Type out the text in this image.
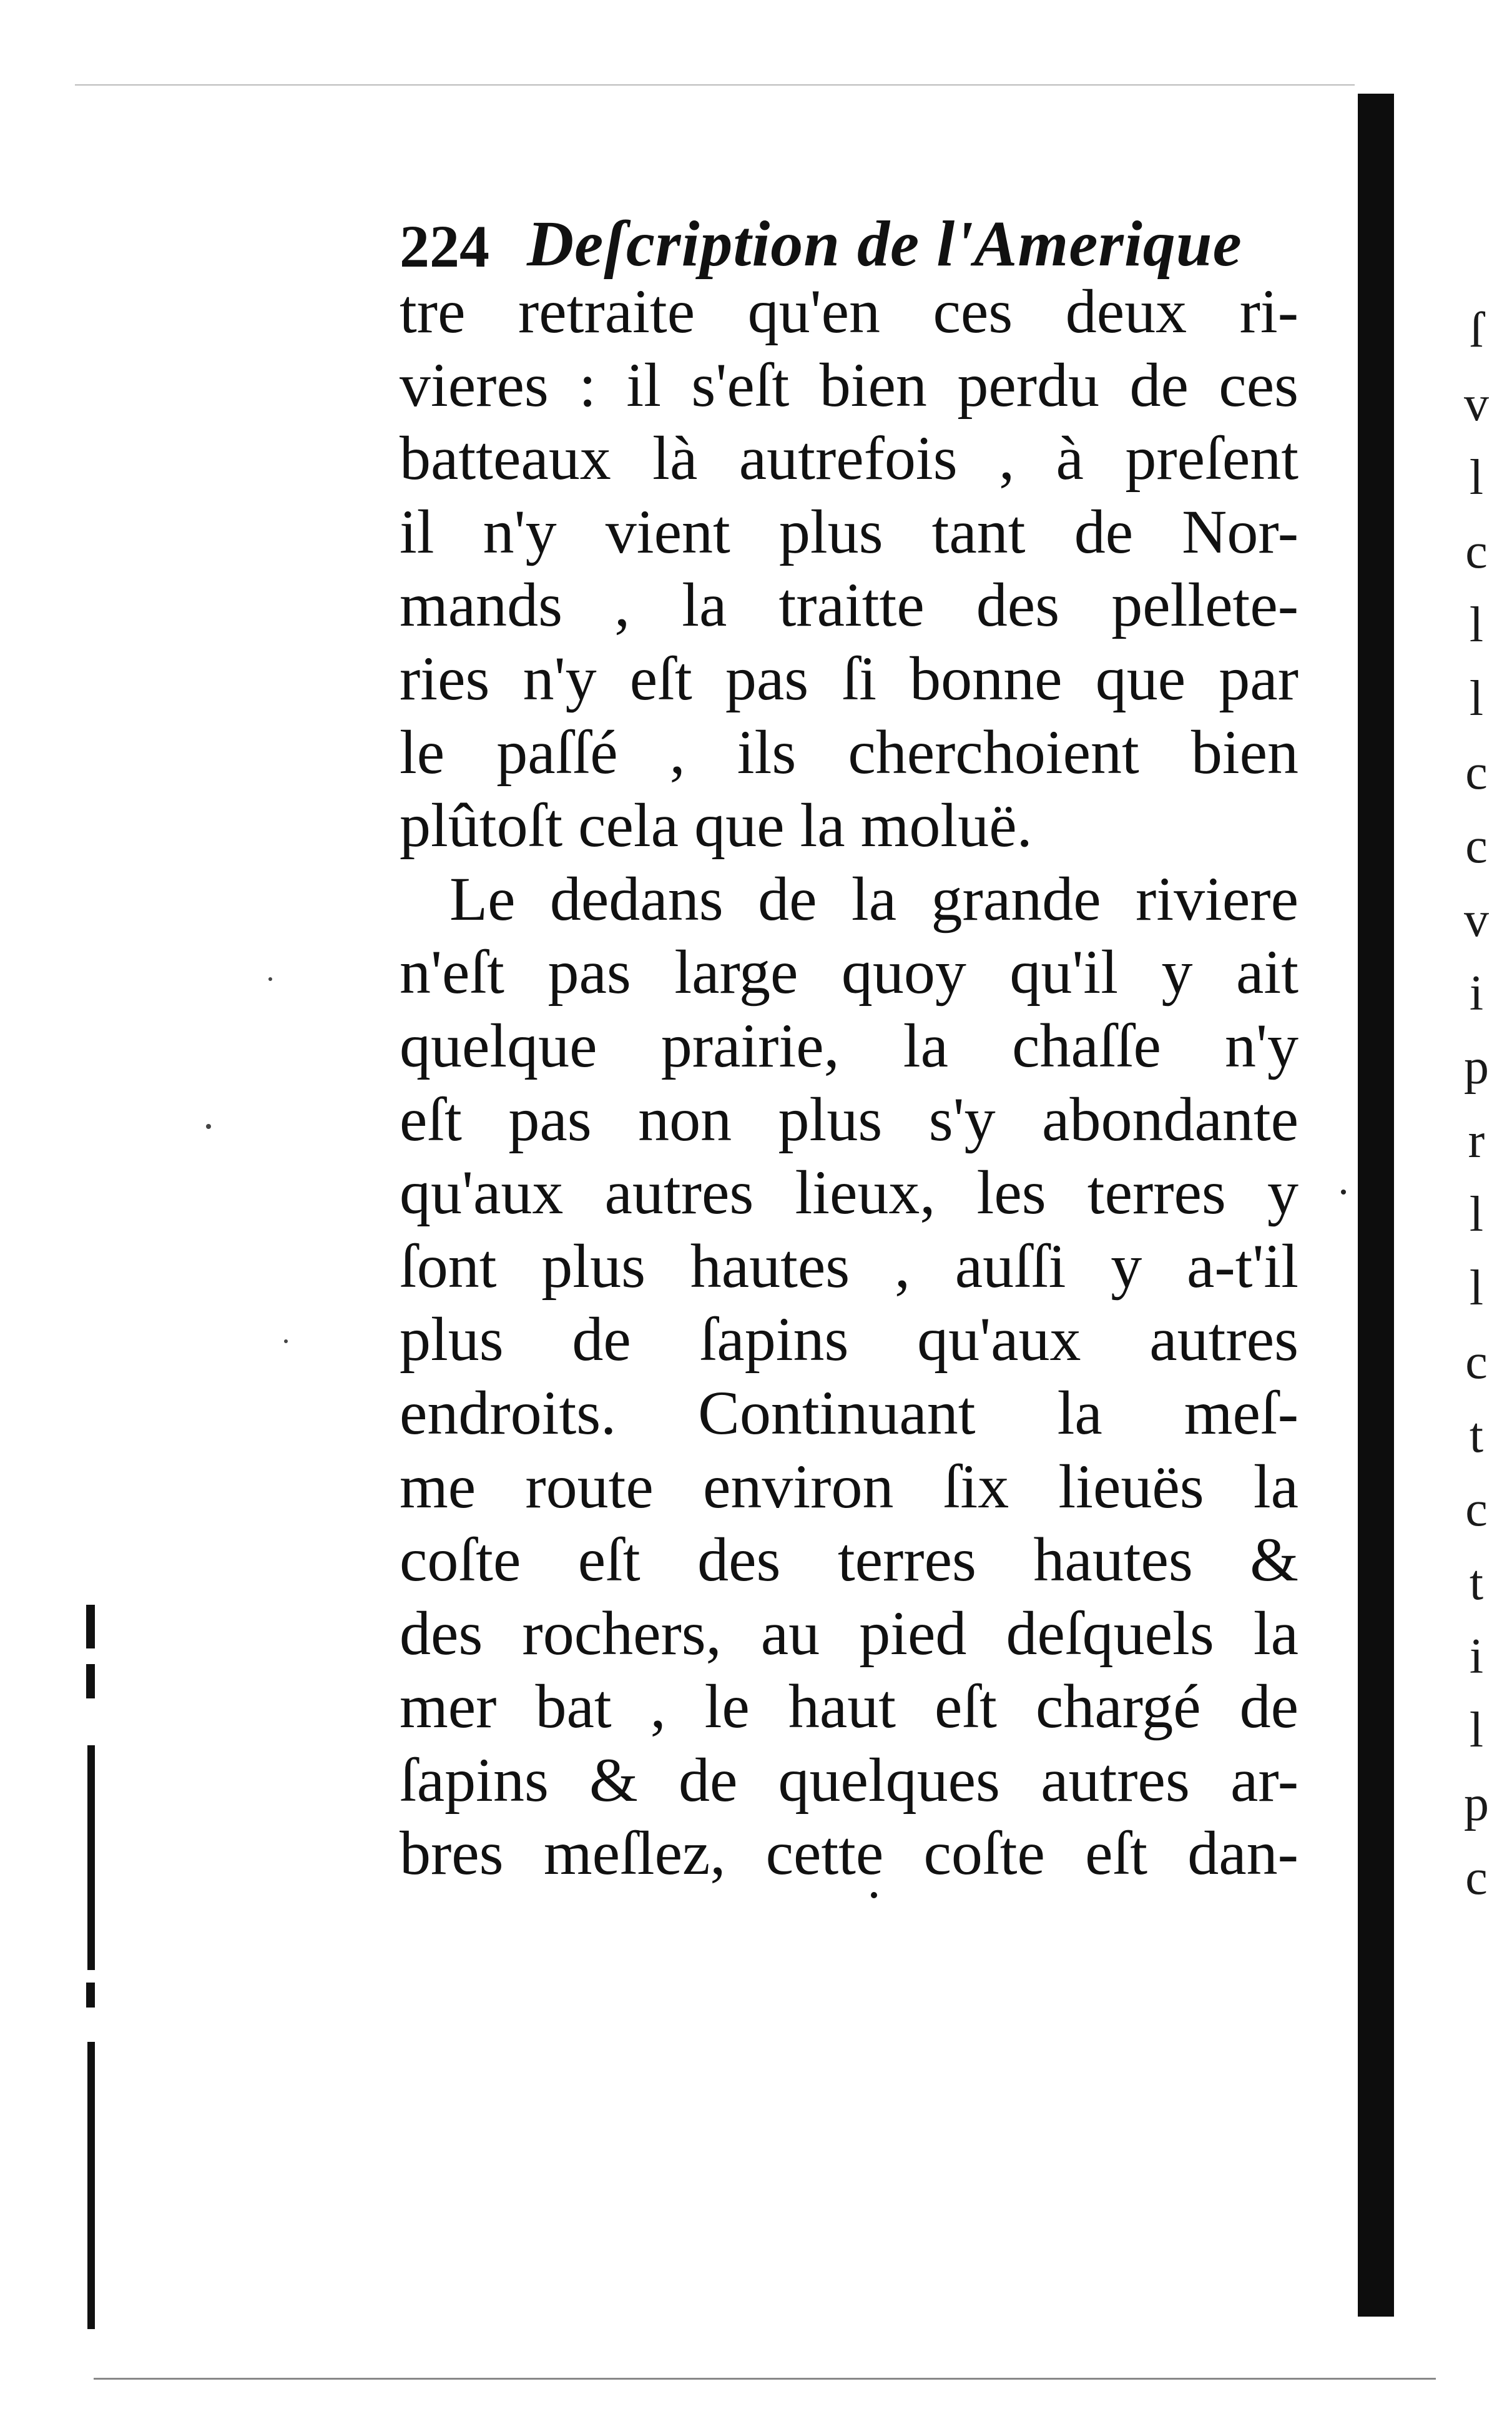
224 Deſcription de l'Amerique
tre retraite qu'en ces deux ri-
vieres : il s'eſt bien perdu de ces
batteaux là autrefois , à preſent
il n'y vient plus tant de Nor-
mands , la traitte des pellete-
ries n'y eſt pas ſi bonne que par
le paſſé , ils cherchoient bien
plûtoſt cela que la moluë.
Le dedans de la grande riviere
n'eſt pas large quoy qu'il y ait
quelque prairie, la chaſſe n'y
eſt pas non plus s'y abondante
qu'aux autres lieux, les terres y
ſont plus hautes , auſſi y a-t'il
plus de ſapins qu'aux autres
endroits. Continuant la meſ-
me route environ ſix lieuës la
coſte eſt des terres hautes &
des rochers, au pied deſquels la
mer bat , le haut eſt chargé de
ſapins & de quelques autres ar-
bres meſlez, cette coſte eſt dan-
ſ
v
l
c
l
l
c
c
v
i
p
r
l
l
c
t
c
t
i
l
p
c
